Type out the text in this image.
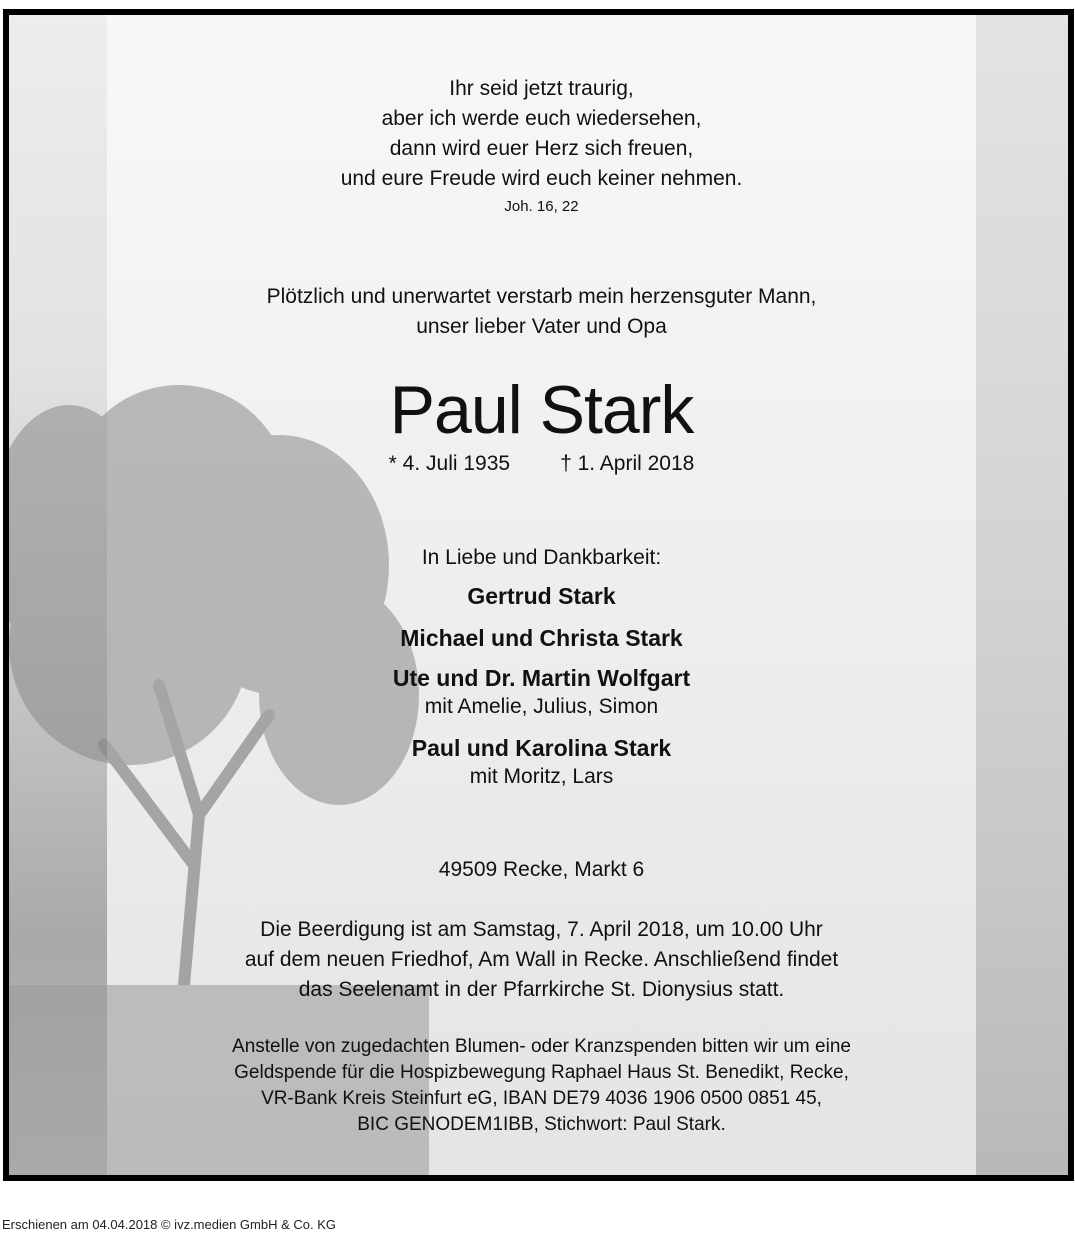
Ihr seid jetzt traurig,
aber ich werde euch wiedersehen,
dann wird euer Herz sich freuen,
und eure Freude wird euch keiner nehmen.
Joh. 16, 22
Plötzlich und unerwartet verstarb mein herzensguter Mann,
unser lieber Vater und Opa
Paul Stark
* 4. Juli 1935 † 1. April 2018
In Liebe und Dankbarkeit:
Gertrud Stark
Michael und Christa Stark
Ute und Dr. Martin Wolfgart
mit Amelie, Julius, Simon
Paul und Karolina Stark
mit Moritz, Lars
49509 Recke, Markt 6
Die Beerdigung ist am Samstag, 7. April 2018, um 10.00 Uhr
auf dem neuen Friedhof, Am Wall in Recke. Anschließend findet
das Seelenamt in der Pfarrkirche St. Dionysius statt.
Anstelle von zugedachten Blumen- oder Kranzspenden bitten wir um eine
Geldspende für die Hospizbewegung Raphael Haus St. Benedikt, Recke,
VR-Bank Kreis Steinfurt eG, IBAN DE79 4036 1906 0500 0851 45,
BIC GENODEM1IBB, Stichwort: Paul Stark.
Erschienen am 04.04.2018 © ivz.medien GmbH & Co. KG
